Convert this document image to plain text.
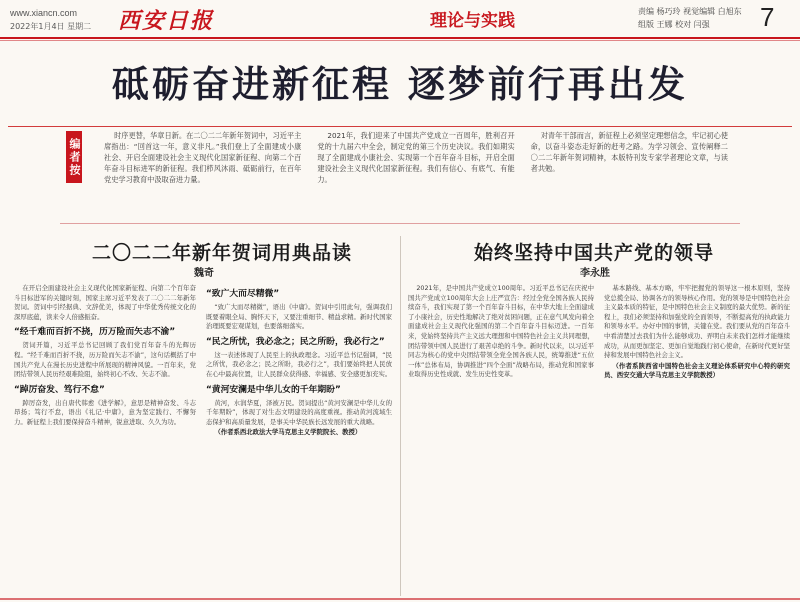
www.xiancn.com
2022年1月4日 星期二 西安日报	理论与实践	责编 杨巧玲 视觉编辑 白旭东
组版 王娜 校对 闫强	7
砥砺奋进新征程 逐梦前行再出发
编者按

时序更替，华章日新。在二〇二二年新年贺词中，习近平主席指出：“回首这一年，意义非凡。”我们登上了全面建成小康社会、开启全面建设社会主义现代化国家新征程、向第二个百年奋斗目标进军的新征程。我们栉风沐雨、砥砺前行，在百年党史学习教育中汲取奋进力量。

2021年，我们迎来了中国共产党成立一百周年，胜利召开党的十九届六中全会，制定党的第三个历史决议。我们如期实现了全面建成小康社会、实现第一个百年奋斗目标，开启全面建设社会主义现代化国家新征程。我们有信心、有底气、有能力。

对青年干部而言，新征程上必须坚定理想信念，牢记初心使命，以奋斗姿态走好新的赶考之路。为学习领会、宣传阐释二〇二二年新年贺词精神，本版特刊发专家学者理论文章，与读者共勉。

二〇二二年新年贺词用典品读
魏奇

在开启全面建设社会主义现代化国家新征程、向第二个百年奋斗目标进军的关键时刻，国家主席习近平发表了二〇二二年新年贺词。贺词中引经据典、文辞优美，体现了中华优秀传统文化的深厚底蕴，读来令人倍感振奋。

“经千难而百折不挠，历万险而矢志不渝”

贺词开篇，习近平总书记回顾了我们党百年奋斗的光辉历程。“经千难而百折不挠，历万险而矢志不渝”，这句话概括了中国共产党人在漫长历史进程中所展现的精神风貌。一百年来，党团结带领人民历经艰难险阻，始终初心不改、矢志不渝。

“踔厉奋发、笃行不怠”

踔厉奋发，出自唐代韩愈《进学解》，意思是精神奋发、斗志昂扬；笃行不怠，语出《礼记·中庸》，意为坚定践行、不懈努力。新征程上我们要保持奋斗精神，锐意进取、久久为功。

“致广大而尽精微”

“致广大而尽精微”，语出《中庸》。贺词中引用此句，强调我们既要着眼全局、胸怀天下，又要注重细节、精益求精。新时代国家治理既要宏观谋划，也要落细落实。

“民之所忧，我必念之；民之所盼，我必行之”

这一表述体现了人民至上的执政理念。习近平总书记强调，“民之所忧，我必念之；民之所盼，我必行之”，我们要始终把人民放在心中最高位置，让人民群众获得感、幸福感、安全感更加充实。

“黄河安澜是中华儿女的千年期盼”

黄河，水润华夏，泽被万民。贺词提出“黄河安澜是中华儿女的千年期盼”，体现了对生态文明建设的高度重视。推动黄河流域生态保护和高质量发展，是事关中华民族长远发展的重大战略。

（作者系西北政法大学马克思主义学院院长、教授）

始终坚持中国共产党的领导
李永胜

2021年，是中国共产党成立100周年。习近平总书记在庆祝中国共产党成立100周年大会上庄严宣告：经过全党全国各族人民持续奋斗，我们实现了第一个百年奋斗目标，在中华大地上全面建成了小康社会，历史性地解决了绝对贫困问题，正在意气风发向着全面建成社会主义现代化强国的第二个百年奋斗目标迈进。一百年来，党始终坚持共产主义远大理想和中国特色社会主义共同理想，团结带领中国人民进行了艰苦卓绝的斗争。新时代以来，以习近平同志为核心的党中央团结带领全党全国各族人民，统筹推进“五位一体”总体布局，协调推进“四个全面”战略布局，推动党和国家事业取得历史性成就、发生历史性变革。

基本路线、基本方略，牢牢把握党的领导这一根本原则，坚持党总揽全局、协调各方的领导核心作用。党的领导是中国特色社会主义最本质的特征，是中国特色社会主义制度的最大优势。新的征程上，我们必须坚持和加强党的全面领导，不断提高党的执政能力和领导水平。办好中国的事情，关键在党。我们要从党的百年奋斗中看清楚过去我们为什么能够成功、弄明白未来我们怎样才能继续成功，从而更加坚定、更加自觉地践行初心使命，在新时代更好坚持和发展中国特色社会主义。

（作者系陕西省中国特色社会主义理论体系研究中心特约研究员、西安交通大学马克思主义学院教授）
